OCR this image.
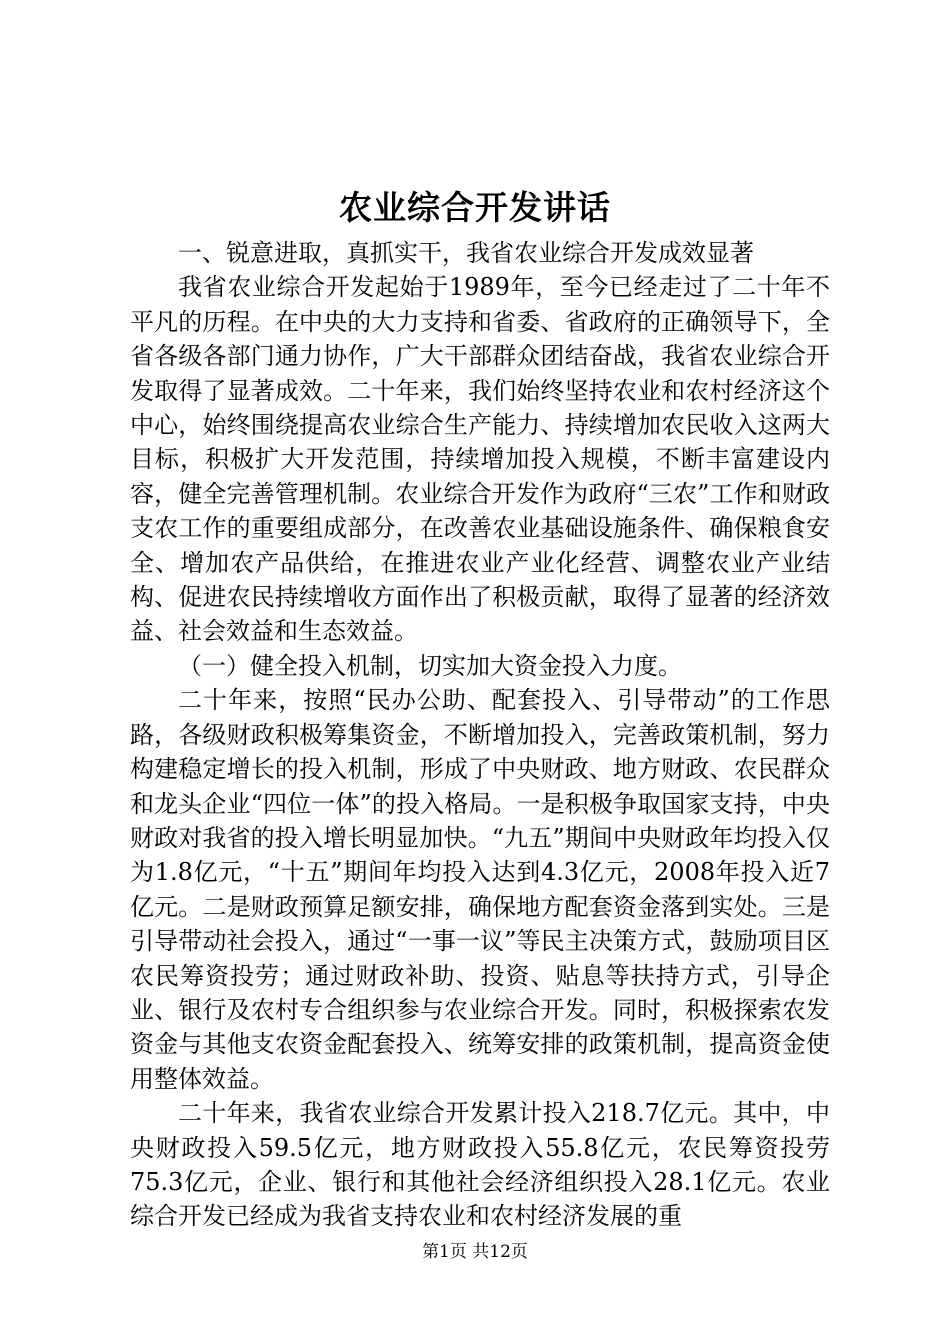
农业综合开发讲话

一、锐意进取，真抓实干，我省农业综合开发成效显著

我省农业综合开发起始于1989年，至今已经走过了二十年不平凡的历程。在中央的大力支持和省委、省政府的正确领导下，全省各级各部门通力协作，广大干部群众团结奋战，我省农业综合开发取得了显著成效。二十年来，我们始终坚持农业和农村经济这个中心，始终围绕提高农业综合生产能力、持续增加农民收入这两大目标，积极扩大开发范围，持续增加投入规模，不断丰富建设内容，健全完善管理机制。农业综合开发作为政府“三农”工作和财政支农工作的重要组成部分，在改善农业基础设施条件、确保粮食安全、增加农产品供给，在推进农业产业化经营、调整农业产业结构、促进农民持续增收方面作出了积极贡献，取得了显著的经济效益、社会效益和生态效益。

（一）健全投入机制，切实加大资金投入力度。

二十年来，按照“民办公助、配套投入、引导带动”的工作思路，各级财政积极筹集资金，不断增加投入，完善政策机制，努力构建稳定增长的投入机制，形成了中央财政、地方财政、农民群众和龙头企业“四位一体”的投入格局。一是积极争取国家支持，中央财政对我省的投入增长明显加快。“九五”期间中央财政年均投入仅为1.8亿元，“十五”期间年均投入达到4.3亿元，2008年投入近7亿元。二是财政预算足额安排，确保地方配套资金落到实处。三是引导带动社会投入，通过“一事一议”等民主决策方式，鼓励项目区农民筹资投劳；通过财政补助、投资、贴息等扶持方式，引导企业、银行及农村专合组织参与农业综合开发。同时，积极探索农发资金与其他支农资金配套投入、统筹安排的政策机制，提高资金使用整体效益。

二十年来，我省农业综合开发累计投入218.7亿元。其中，中央财政投入59.5亿元，地方财政投入55.8亿元，农民筹资投劳75.3亿元，企业、银行和其他社会经济组织投入28.1亿元。农业综合开发已经成为我省支持农业和农村经济发展的重

第1页 共12页
